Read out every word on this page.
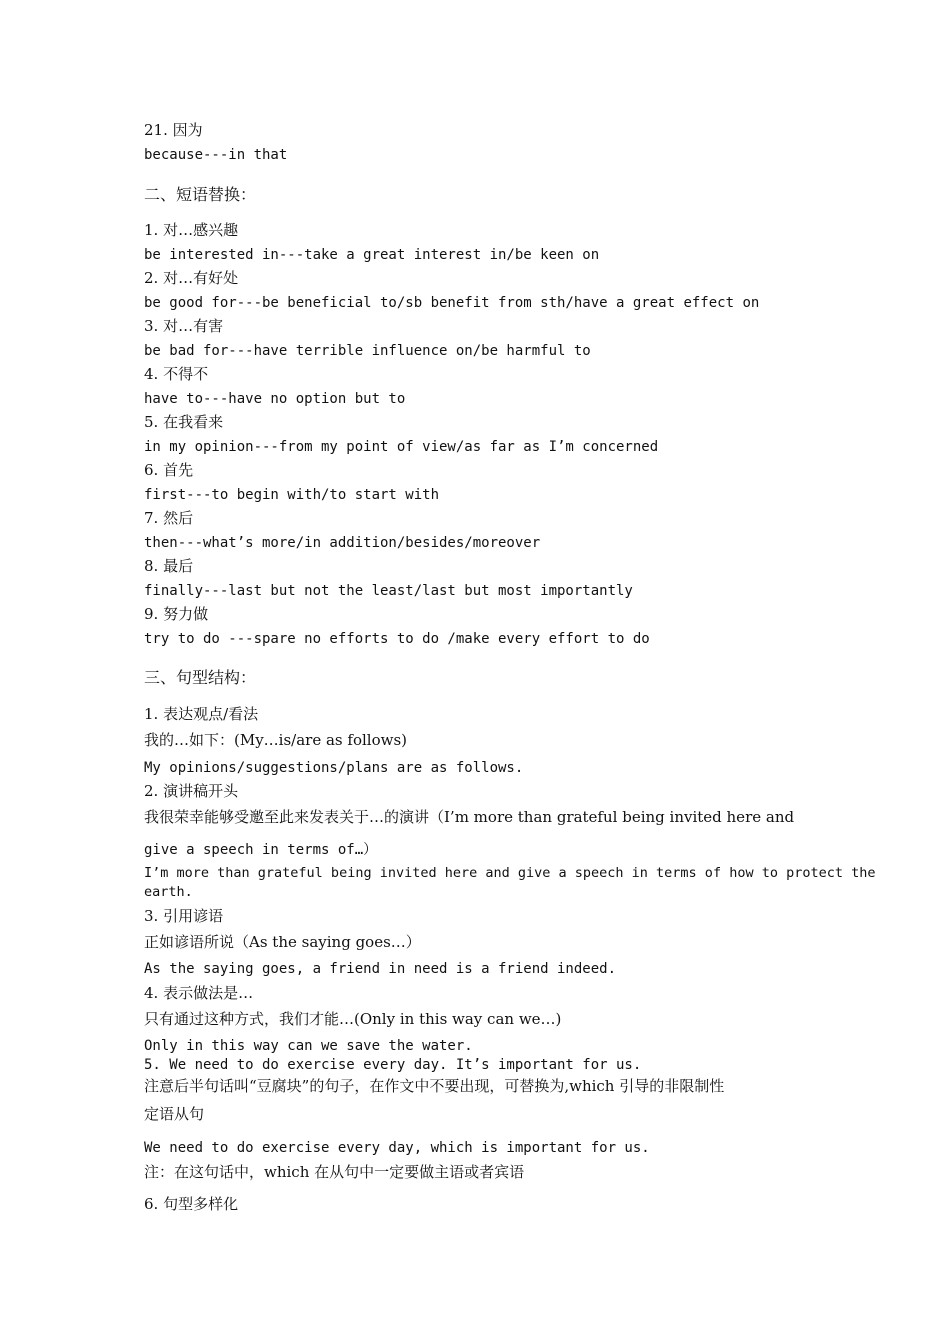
21. 因为
because---in that
二、短语替换：
1. 对…感兴趣
be interested in---take a great interest in/be keen on
2. 对…有好处
be good for---be beneficial to/sb benefit from sth/have a great effect on
3. 对…有害
be bad for---have terrible influence on/be harmful to
4. 不得不
have to---have no option but to
5. 在我看来
in my opinion---from my point of view/as far as I’m concerned
6. 首先
first---to begin with/to start with
7. 然后
then---what’s more/in addition/besides/moreover
8. 最后
finally---last but not the least/last but most importantly
9. 努力做
try to do ---spare no efforts to do /make every effort to do
三、句型结构：
1. 表达观点/看法
我的…如下：(My…is/are as follows)
My opinions/suggestions/plans are as follows.
2. 演讲稿开头
我很荣幸能够受邀至此来发表关于…的演讲（I’m more than grateful being invited here and
give a speech in terms of…）
I’m more than grateful being invited here and give a speech in terms of how to protect the earth.
3. 引用谚语
正如谚语所说（As the saying goes…）
As the saying goes, a friend in need is a friend indeed.
4. 表示做法是…
只有通过这种方式，我们才能…(Only in this way can we…)
Only in this way can we save the water.
5. We need to do exercise every day. It’s important for us.
注意后半句话叫“豆腐块”的句子，在作文中不要出现，可替换为,which 引导的非限制性
定语从句
We need to do exercise every day, which is important for us.
注：在这句话中，which 在从句中一定要做主语或者宾语
6. 句型多样化
